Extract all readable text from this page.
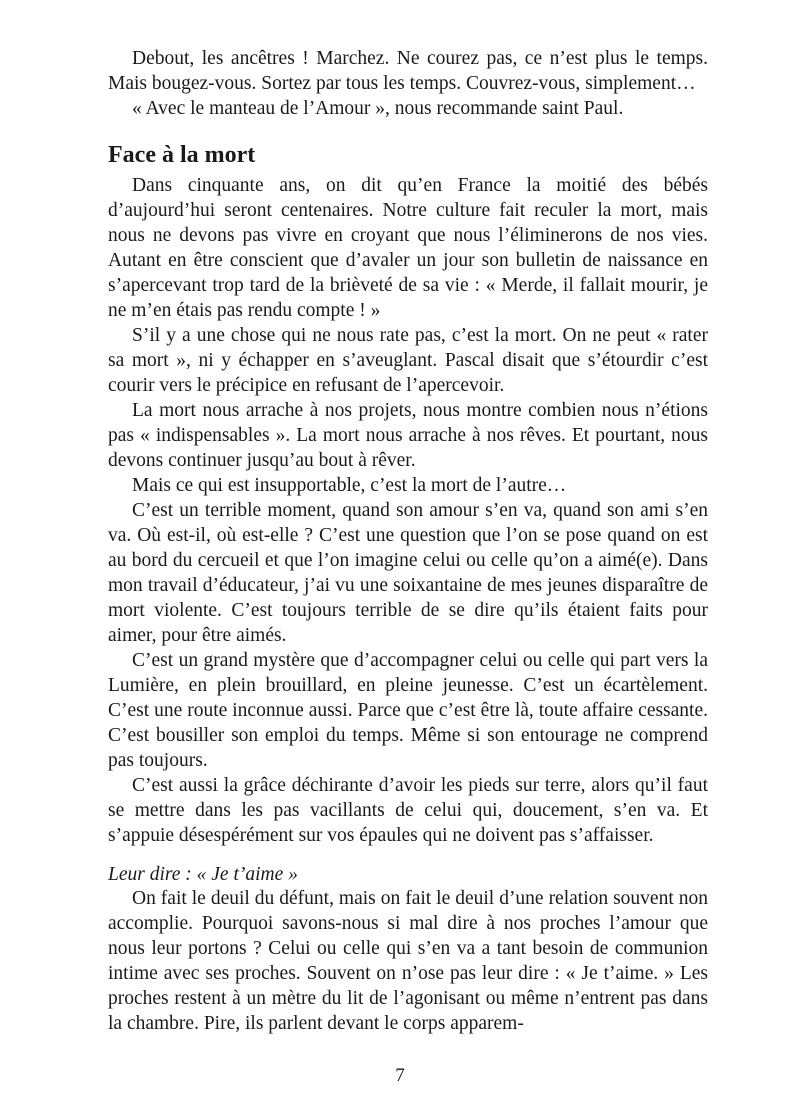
Debout, les ancêtres ! Marchez. Ne courez pas, ce n’est plus le temps. Mais bougez-vous. Sortez par tous les temps. Couvrez-vous, simplement…

« Avec le manteau de l’Amour », nous recommande saint Paul.

Face à la mort

Dans cinquante ans, on dit qu’en France la moitié des bébés d’aujourd’hui seront centenaires. Notre culture fait reculer la mort, mais nous ne devons pas vivre en croyant que nous l’éliminerons de nos vies. Autant en être conscient que d’avaler un jour son bulletin de naissance en s’apercevant trop tard de la brièveté de sa vie : « Merde, il fallait mourir, je ne m’en étais pas rendu compte ! »

S’il y a une chose qui ne nous rate pas, c’est la mort. On ne peut « rater sa mort », ni y échapper en s’aveuglant. Pascal disait que s’étourdir c’est courir vers le précipice en refusant de l’apercevoir.

La mort nous arrache à nos projets, nous montre combien nous n’étions pas « indispensables ». La mort nous arrache à nos rêves. Et pourtant, nous devons continuer jusqu’au bout à rêver.

Mais ce qui est insupportable, c’est la mort de l’autre…

C’est un terrible moment, quand son amour s’en va, quand son ami s’en va. Où est-il, où est-elle ? C’est une question que l’on se pose quand on est au bord du cercueil et que l’on imagine celui ou celle qu’on a aimé(e). Dans mon travail d’éducateur, j’ai vu une soixantaine de mes jeunes disparaître de mort violente. C’est toujours terrible de se dire qu’ils étaient faits pour aimer, pour être aimés.

C’est un grand mystère que d’accompagner celui ou celle qui part vers la Lumière, en plein brouillard, en pleine jeunesse. C’est un écartèlement. C’est une route inconnue aussi. Parce que c’est être là, toute affaire cessante. C’est bousiller son emploi du temps. Même si son entourage ne comprend pas toujours.

C’est aussi la grâce déchirante d’avoir les pieds sur terre, alors qu’il faut se mettre dans les pas vacillants de celui qui, doucement, s’en va. Et s’appuie désespérément sur vos épaules qui ne doivent pas s’affaisser.

Leur dire : « Je t’aime »

On fait le deuil du défunt, mais on fait le deuil d’une relation souvent non accomplie. Pourquoi savons-nous si mal dire à nos proches l’amour que nous leur portons ? Celui ou celle qui s’en va a tant besoin de communion intime avec ses proches. Souvent on n’ose pas leur dire : « Je t’aime. » Les proches restent à un mètre du lit de l’agonisant ou même n’entrent pas dans la chambre. Pire, ils parlent devant le corps apparem-

7
